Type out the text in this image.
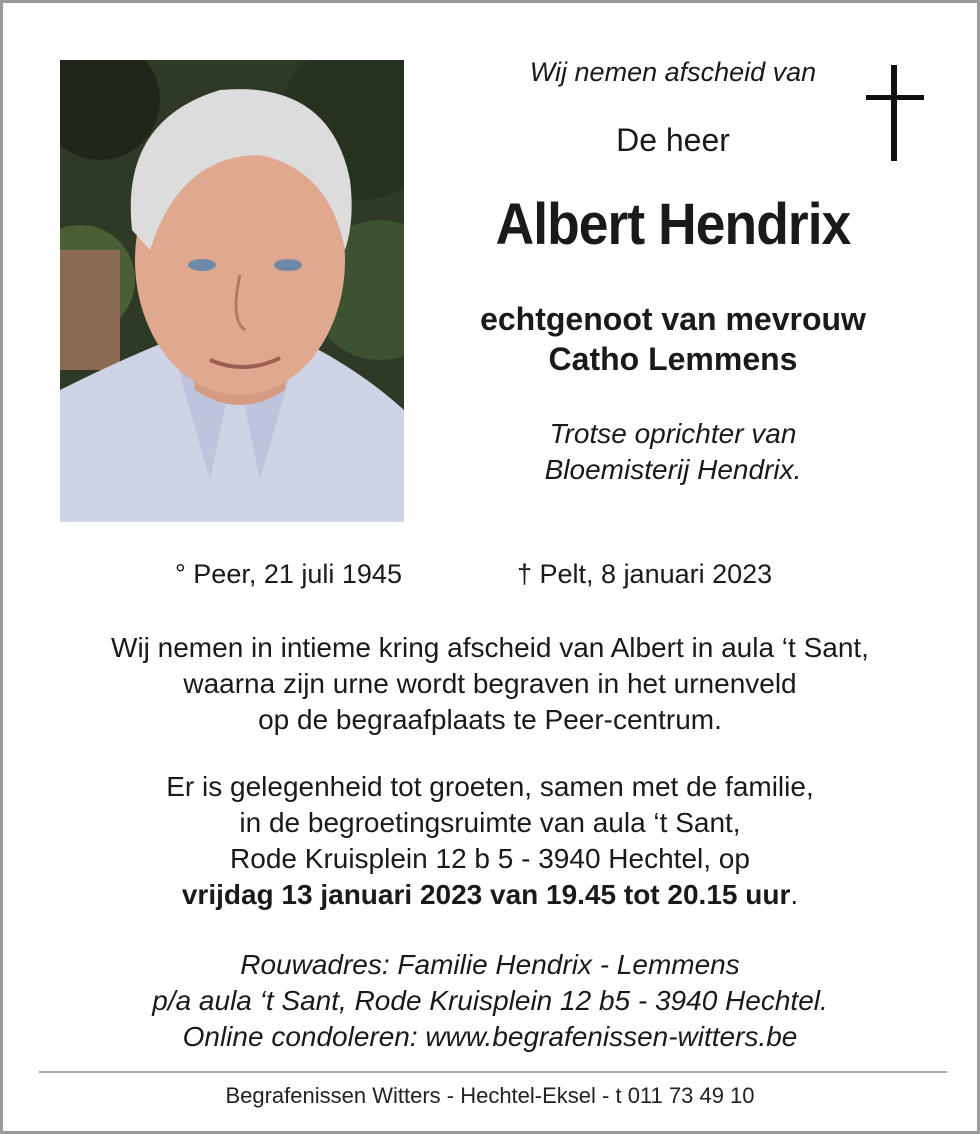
Wij nemen afscheid van
De heer
Albert Hendrix
echtgenoot van mevrouw
Catho Lemmens
Trotse oprichter van
Bloemisterij Hendrix.
° Peer, 21 juli 1945	† Pelt, 8 januari 2023
Wij nemen in intieme kring afscheid van Albert in aula ‘t Sant,
waarna zijn urne wordt begraven in het urnenveld
op de begraafplaats te Peer-centrum.
Er is gelegenheid tot groeten, samen met de familie,
in de begroetingsruimte van aula ‘t Sant,
Rode Kruisplein 12 b 5 - 3940 Hechtel, op
vrijdag 13 januari 2023 van 19.45 tot 20.15 uur.
Rouwadres: Familie Hendrix - Lemmens
p/a aula ‘t Sant, Rode Kruisplein 12 b5 - 3940 Hechtel.
Online condoleren: www.begrafenissen-witters.be
Begrafenissen Witters - Hechtel-Eksel - t 011 73 49 10
